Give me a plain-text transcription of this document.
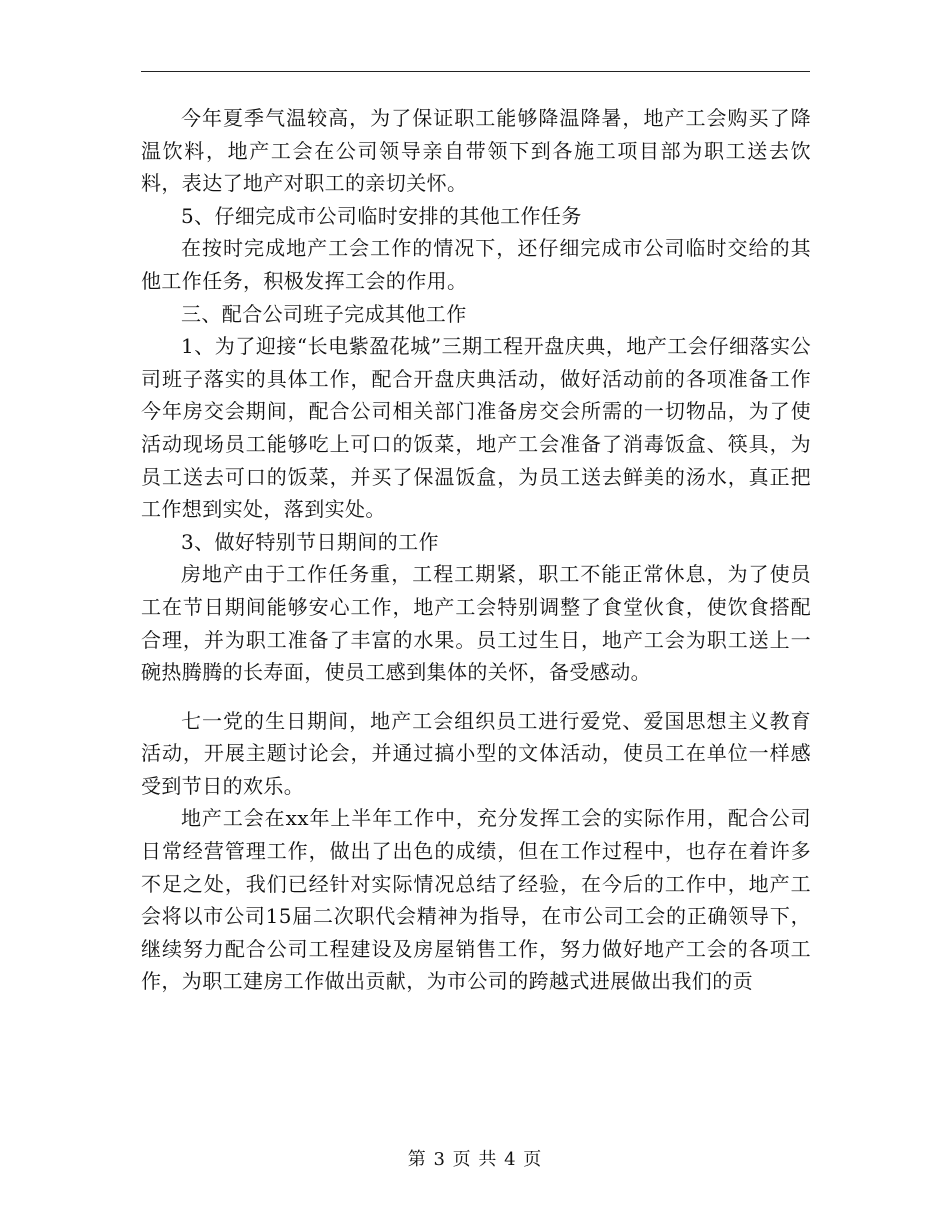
今年夏季气温较高，为了保证职工能够降温降暑，地产工会购买了降温饮料，地产工会在公司领导亲自带领下到各施工项目部为职工送去饮料，表达了地产对职工的亲切关怀。

5、仔细完成市公司临时安排的其他工作任务

在按时完成地产工会工作的情况下，还仔细完成市公司临时交给的其他工作任务，积极发挥工会的作用。

三、配合公司班子完成其他工作

1、为了迎接“长电紫盈花城”三期工程开盘庆典，地产工会仔细落实公司班子落实的具体工作，配合开盘庆典活动，做好活动前的各项准备工作今年房交会期间，配合公司相关部门准备房交会所需的一切物品，为了使活动现场员工能够吃上可口的饭菜，地产工会准备了消毒饭盒、筷具，为员工送去可口的饭菜，并买了保温饭盒，为员工送去鲜美的汤水，真正把工作想到实处，落到实处。

3、做好特别节日期间的工作

房地产由于工作任务重，工程工期紧，职工不能正常休息，为了使员工在节日期间能够安心工作，地产工会特别调整了食堂伙食，使饮食搭配合理，并为职工准备了丰富的水果。员工过生日，地产工会为职工送上一碗热腾腾的长寿面，使员工感到集体的关怀，备受感动。

七一党的生日期间，地产工会组织员工进行爱党、爱国思想主义教育活动，开展主题讨论会，并通过搞小型的文体活动，使员工在单位一样感受到节日的欢乐。

地产工会在xx年上半年工作中，充分发挥工会的实际作用，配合公司日常经营管理工作，做出了出色的成绩，但在工作过程中，也存在着许多不足之处，我们已经针对实际情况总结了经验，在今后的工作中，地产工会将以市公司15届二次职代会精神为指导，在市公司工会的正确领导下，继续努力配合公司工程建设及房屋销售工作，努力做好地产工会的各项工作，为职工建房工作做出贡献，为市公司的跨越式进展做出我们的贡

第 3 页 共 4 页
